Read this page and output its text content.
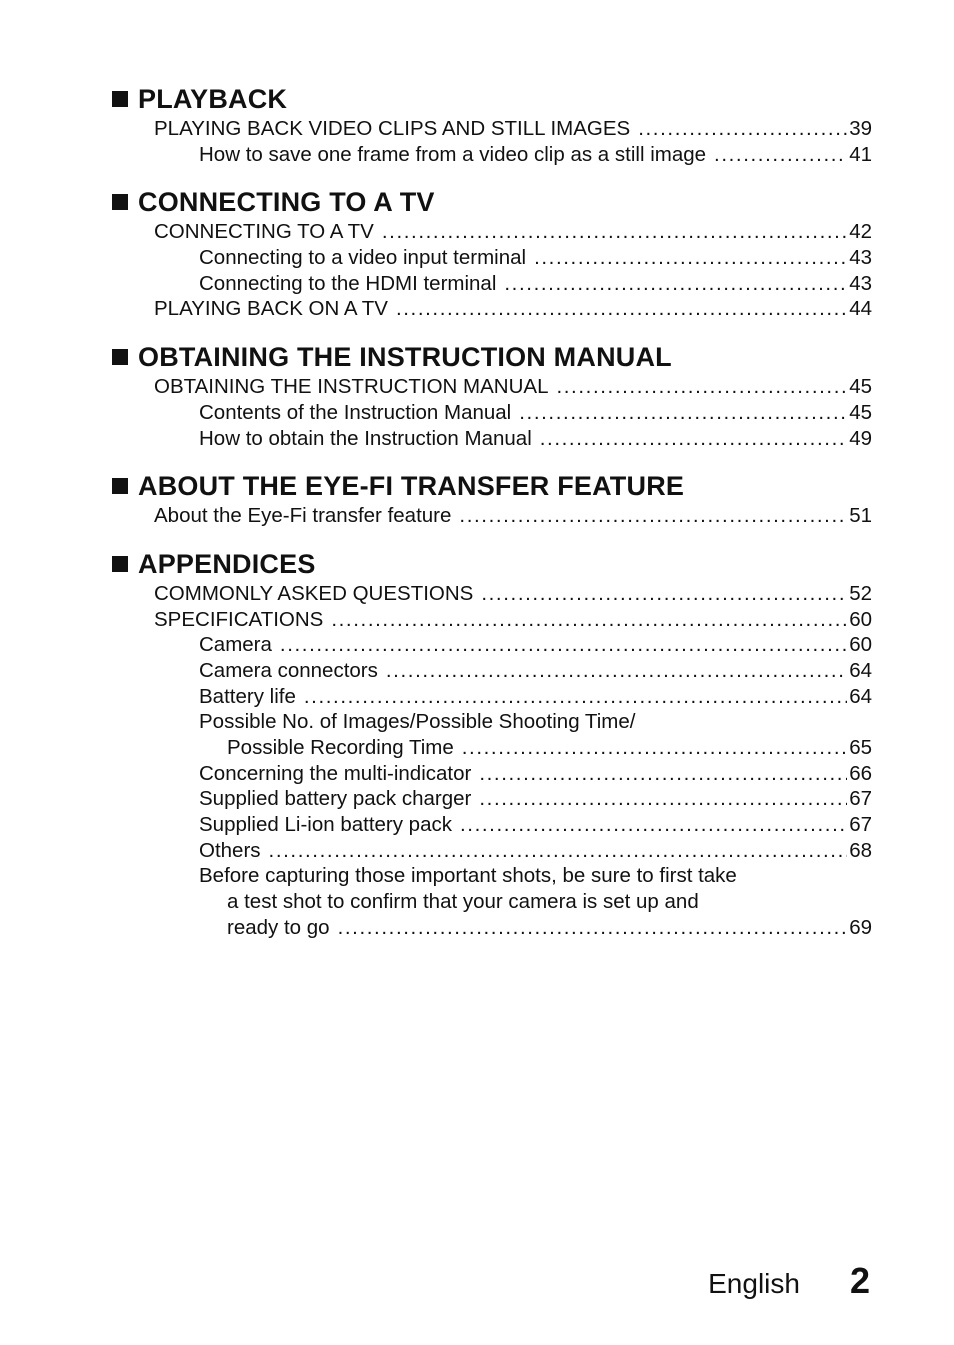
PLAYBACK
PLAYING BACK VIDEO CLIPS AND STILL IMAGES .....	39
How to save one frame from a video clip as a still image .....	41
CONNECTING TO A TV
CONNECTING TO A TV .....	42
Connecting to a video input terminal .....	43
Connecting to the HDMI terminal .....	43
PLAYING BACK ON A TV .....	44
OBTAINING THE INSTRUCTION MANUAL
OBTAINING THE INSTRUCTION MANUAL .....	45
Contents of the Instruction Manual .....	45
How to obtain the Instruction Manual .....	49
ABOUT THE EYE-FI TRANSFER FEATURE
About the Eye-Fi transfer feature .....	51
APPENDICES
COMMONLY ASKED QUESTIONS .....	52
SPECIFICATIONS .....	60
Camera .....	60
Camera connectors .....	64
Battery life .....	64
Possible No. of Images/Possible Shooting Time/
Possible Recording Time .....	65
Concerning the multi-indicator .....	66
Supplied battery pack charger .....	67
Supplied Li-ion battery pack .....	67
Others .....	68
Before capturing those important shots, be sure to first take
a test shot to confirm that your camera is set up and
ready to go .....	69
English 2
